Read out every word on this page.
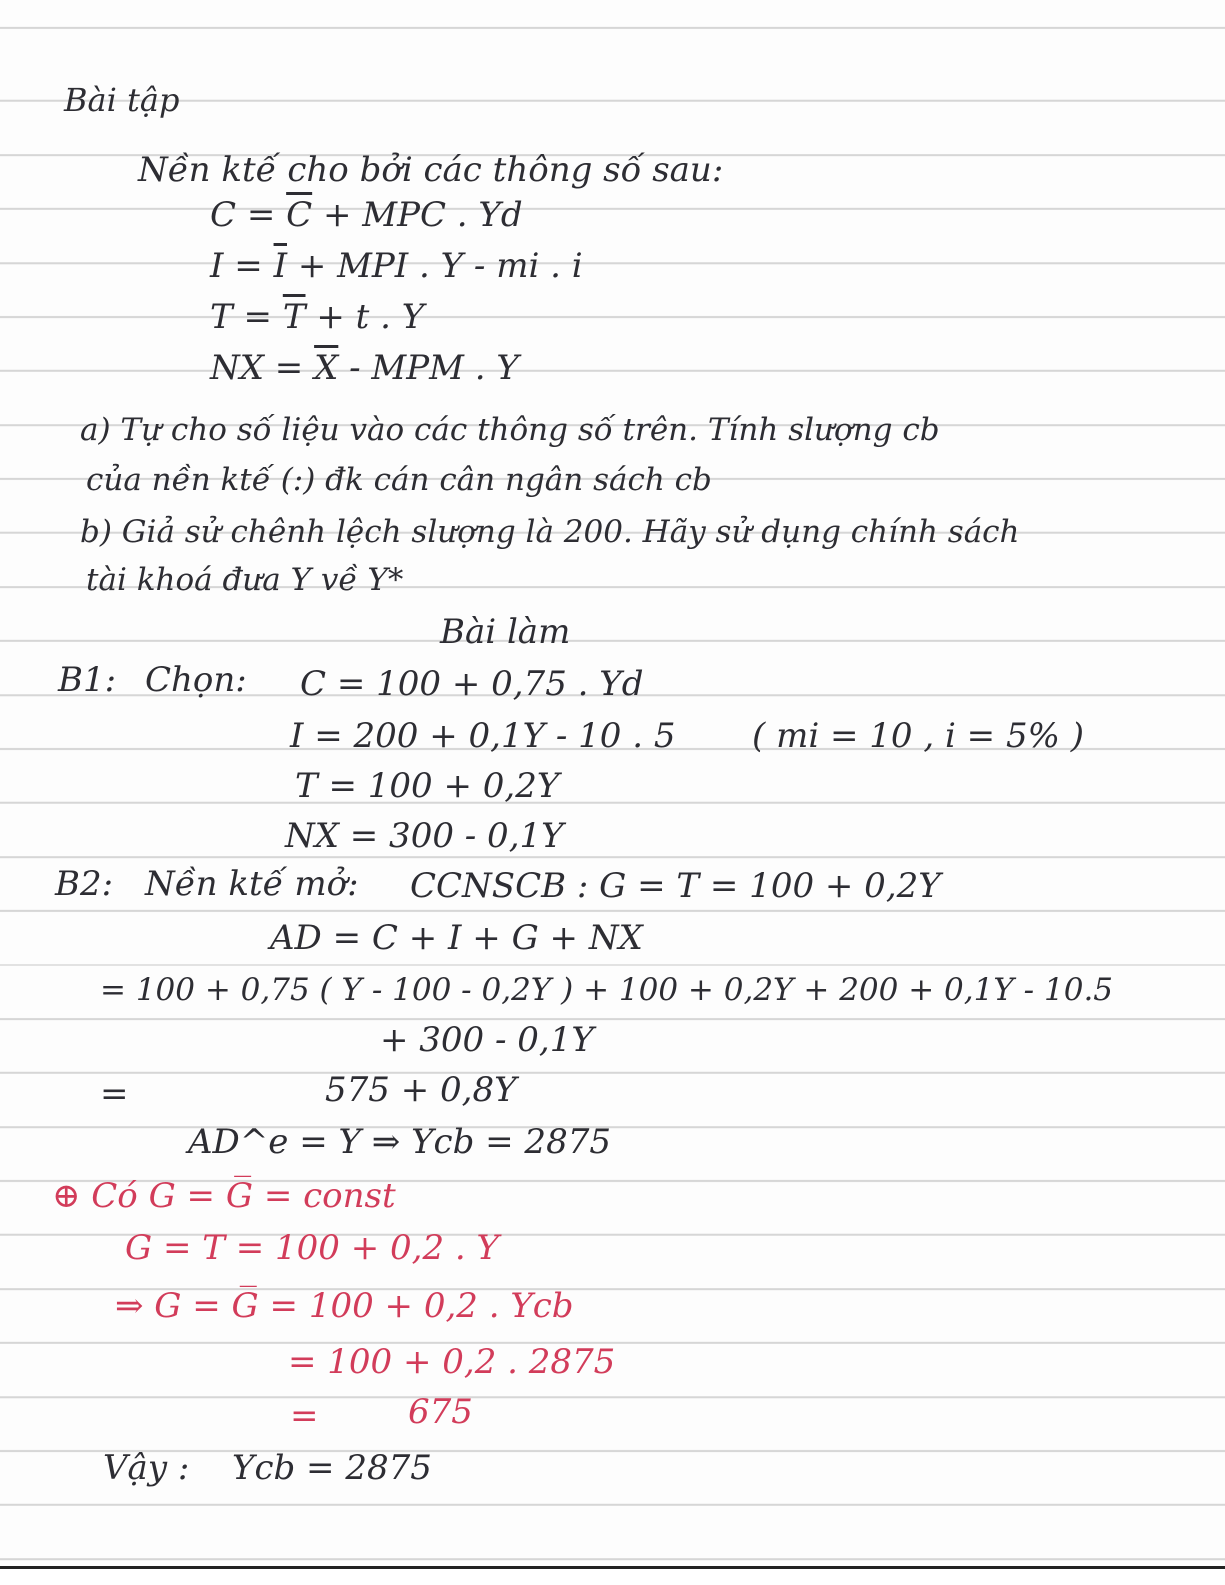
Bài tập
Nền ktế cho bởi các thông số sau:
$C = \overline{C}$ + MPC . Yd
$I = \overline{I}$ + MPI . Y - mi . i
$T = \overline{T} + t$ . Y
NX = $\overline{X}$ - MPM . Y
a) Tự cho số liệu vào các thông số trên. Tính slượng cb
của nền ktế (:) đk cán cân ngân sách cb
b) Giả sử chênh lệch slượng là 200. Hãy sử dụng chính sách
tài khoá đưa Y về Y*
Bài làm
B1: Chọn: C = 100 + 0,75 . Yd
I = 200 + 0,1Y - 10 . 5 ( mi = 10 , i = 5% )
T = 100 + 0,2Y
NX = 300 - 0,1Y
B2: Nền ktế mở: CCNSCB : G = T = 100 + 0,2Y
AD = C + I + G + NX
= 100 + 0,75 ( Y - 100 - 0,2Y ) + 100 + 0,2Y + 200 + 0,1Y - 10.5
+ 300 - 0,1Y
=	575 + 0,8Y
AD^e = Y ⇒ Ycb = 2875
⊕ Có G = G̅ = const
G = T = 100 + 0,2 . Y
⇒ G = G̅ = 100 + 0,2 . Ycb
= 100 + 0,2 . 2875
=	675
Vậy : Ycb = 2875
